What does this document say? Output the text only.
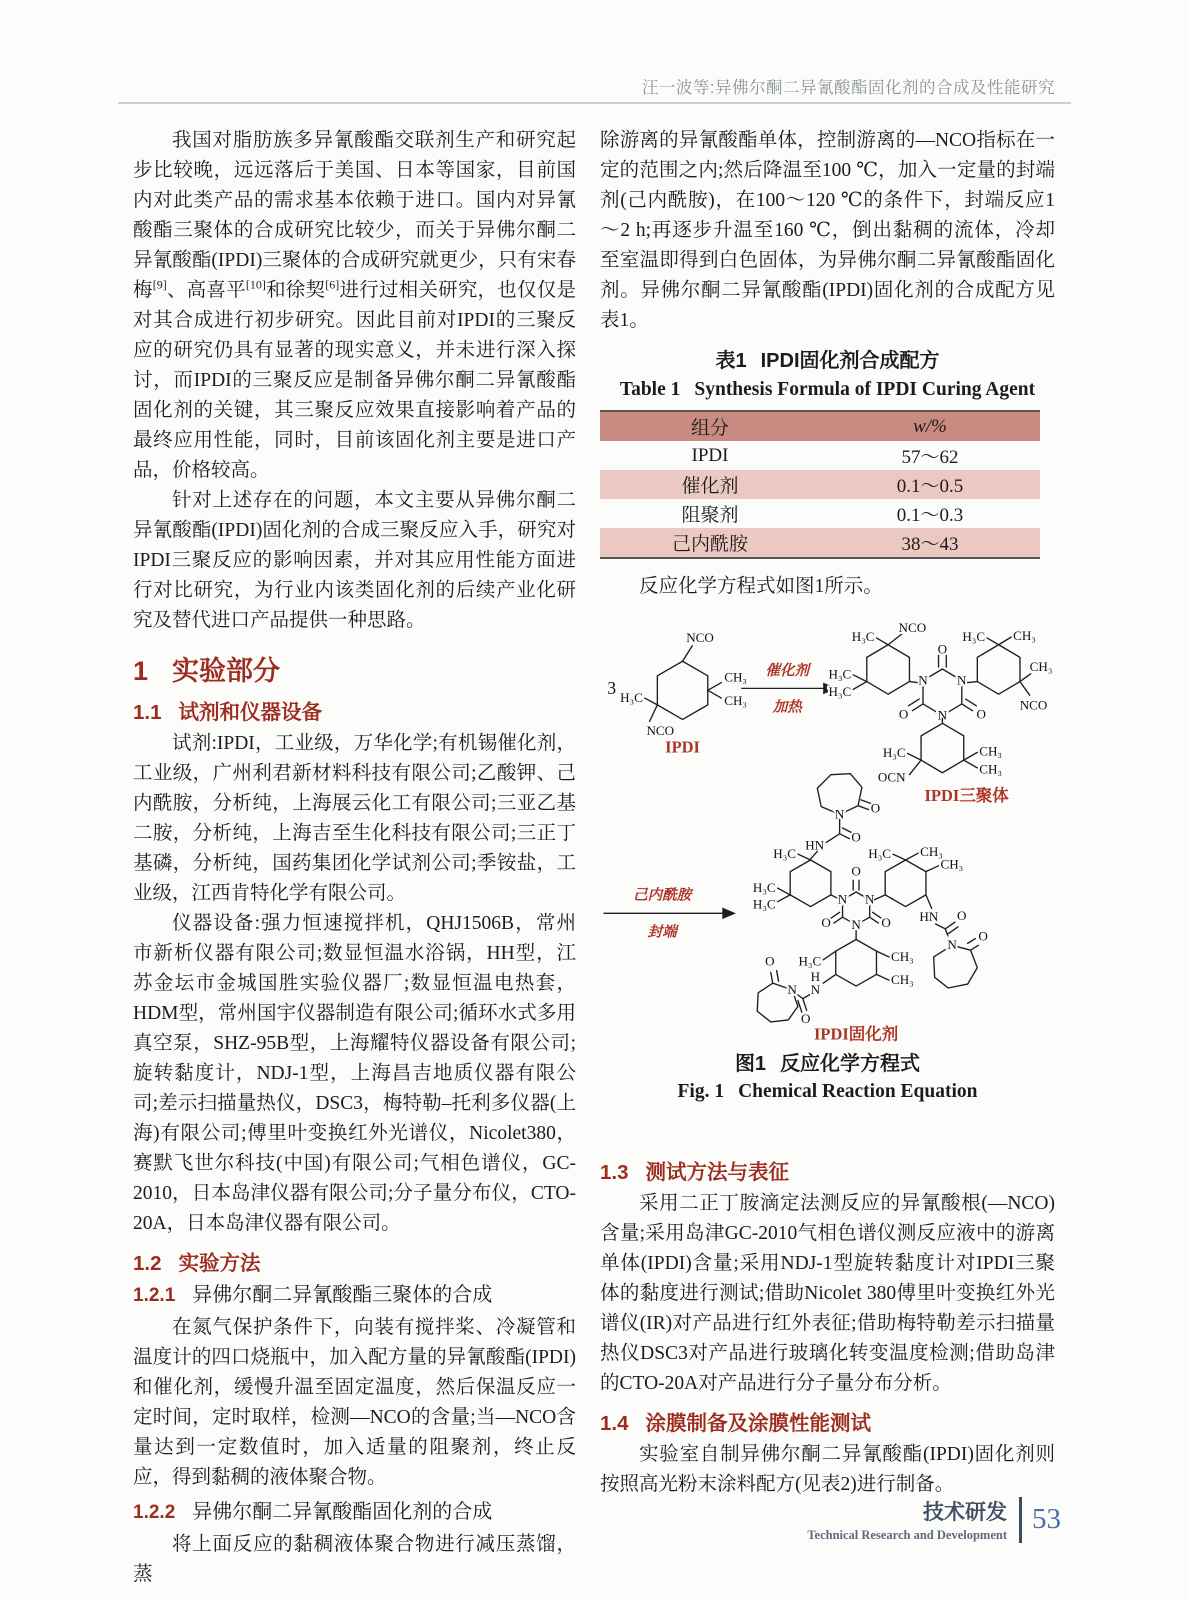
汪一波等:异佛尔酮二异氰酸酯固化剂的合成及性能研究

我国对脂肪族多异氰酸酯交联剂生产和研究起步比较晚，远远落后于美国、日本等国家，目前国内对此类产品的需求基本依赖于进口。国内对异氰酸酯三聚体的合成研究比较少，而关于异佛尔酮二异氰酸酯(IPDI)三聚体的合成研究就更少，只有宋春梅[9]、高喜平[10]和徐契[6]进行过相关研究，也仅仅是对其合成进行初步研究。因此目前对IPDI的三聚反应的研究仍具有显著的现实意义，并未进行深入探讨，而IPDI的三聚反应是制备异佛尔酮二异氰酸酯固化剂的关键，其三聚反应效果直接影响着产品的最终应用性能，同时，目前该固化剂主要是进口产品，价格较高。

针对上述存在的问题，本文主要从异佛尔酮二异氰酸酯(IPDI)固化剂的合成三聚反应入手，研究对IPDI三聚反应的影响因素，并对其应用性能方面进行对比研究，为行业内该类固化剂的后续产业化研究及替代进口产品提供一种思路。

1 实验部分
1.1 试剂和仪器设备

试剂:IPDI，工业级，万华化学;有机锡催化剂，工业级，广州利君新材料科技有限公司;乙酸钾、己内酰胺，分析纯，上海展云化工有限公司;三亚乙基二胺，分析纯，上海吉至生化科技有限公司;三正丁基磷，分析纯，国药集团化学试剂公司;季铵盐，工业级，江西肯特化学有限公司。

仪器设备:强力恒速搅拌机，QHJ1506B，常州市新析仪器有限公司;数显恒温水浴锅，HH型，江苏金坛市金城国胜实验仪器厂;数显恒温电热套，HDM型，常州国宇仪器制造有限公司;循环水式多用真空泵，SHZ-95B型，上海耀特仪器设备有限公司;旋转黏度计，NDJ-1型，上海昌吉地质仪器有限公司;差示扫描量热仪，DSC3，梅特勒–托利多仪器(上海)有限公司;傅里叶变换红外光谱仪，Nicolet380，赛默飞世尔科技(中国)有限公司;气相色谱仪，GC-2010，日本岛津仪器有限公司;分子量分布仪，CTO-20A，日本岛津仪器有限公司。

1.2 实验方法
1.2.1 异佛尔酮二异氰酸酯三聚体的合成

在氮气保护条件下，向装有搅拌桨、冷凝管和温度计的四口烧瓶中，加入配方量的异氰酸酯(IPDI)和催化剂，缓慢升温至固定温度，然后保温反应一定时间，定时取样，检测—NCO的含量;当—NCO含量达到一定数值时，加入适量的阻聚剂，终止反应，得到黏稠的液体聚合物。

1.2.2 异佛尔酮二异氰酸酯固化剂的合成

将上面反应的黏稠液体聚合物进行减压蒸馏，蒸

除游离的异氰酸酯单体，控制游离的—NCO指标在一定的范围之内;然后降温至100 ℃，加入一定量的封端剂(己内酰胺)，在100～120 ℃的条件下，封端反应1～2 h;再逐步升温至160 ℃，倒出黏稠的流体，冷却至室温即得到白色固体，为异佛尔酮二异氰酸酯固化剂。异佛尔酮二异氰酸酯(IPDI)固化剂的合成配方见表1。

表1 IPDI固化剂合成配方
Table 1 Synthesis Formula of IPDI Curing Agent
组分	w/%
IPDI	57～62
催化剂	0.1～0.5
阻聚剂	0.1～0.3
己内酰胺	38～43

反应化学方程式如图1所示。

3
NCO
H₃C
NCO
CH₃
CH₃
IPDI
催化剂
加热
O
O
O
N N
N
NCO
H₃C
H₃C
H₃C
H₃C CH₃
CH₃
NCO
H₃C	CH₃
CH₃
OCN
IPDI三聚体
己内酰胺
封端
O
N
O
HN
H₃C
H₃C
H₃C
O
O
O
N N
N
H₃C CH₃
CH₃
HN O
O
N
H₃C	CH₃
CH₃
H
N
O
O
N
IPDI固化剂
图1 反应化学方程式
Fig. 1 Chemical Reaction Equation
1.3 测试方法与表征

采用二正丁胺滴定法测反应的异氰酸根(—NCO)含量;采用岛津GC-2010气相色谱仪测反应液中的游离单体(IPDI)含量;采用NDJ-1型旋转黏度计对IPDI三聚体的黏度进行测试;借助Nicolet 380傅里叶变换红外光谱仪(IR)对产品进行红外表征;借助梅特勒差示扫描量热仪DSC3对产品进行玻璃化转变温度检测;借助岛津的CTO-20A对产品进行分子量分布分析。

1.4 涂膜制备及涂膜性能测试

实验室自制异佛尔酮二异氰酸酯(IPDI)固化剂则按照高光粉末涂料配方(见表2)进行制备。

技术研发
Technical Research and Development 53
